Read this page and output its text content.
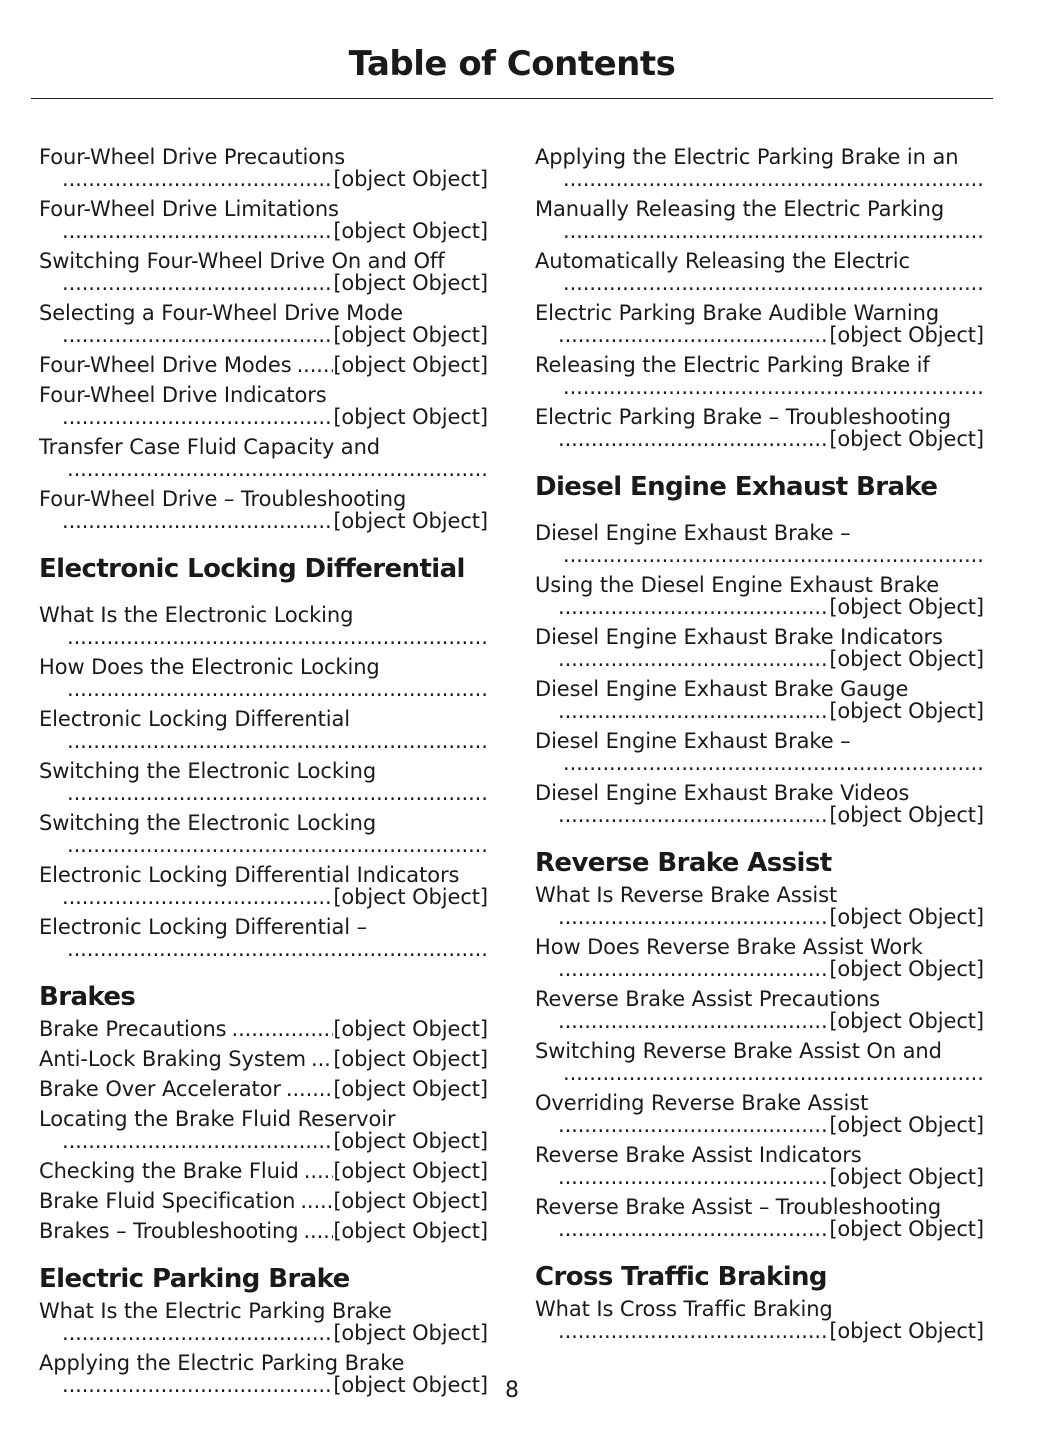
Table of Contents
Four-Wheel Drive Precautions
.....
[object Object]
Four-Wheel Drive Limitations
.....
[object Object]
Switching Four-Wheel Drive On and Off
.....
[object Object]
Selecting a Four-Wheel Drive Mode
.....
[object Object]
Four-Wheel Drive Modes ..... [object Object]
Four-Wheel Drive Indicators
.....
[object Object]
Transfer Case Fluid Capacity and
.....
Four-Wheel Drive – Troubleshooting
.....
[object Object]
Electronic Locking Differential
What Is the Electronic Locking
.....
How Does the Electronic Locking
.....
Electronic Locking Differential
.....
Switching the Electronic Locking
.....
Switching the Electronic Locking
.....
Electronic Locking Differential Indicators
.....
[object Object]
Electronic Locking Differential –
.....
Brakes
Brake Precautions .....	[object Object]
Anti-Lock Braking System ..... [object Object]
Brake Over Accelerator ..... [object Object]
Locating the Brake Fluid Reservoir
.....
[object Object]
Checking the Brake Fluid ..... [object Object]
Brake Fluid Specification ..... [object Object]
Brakes – Troubleshooting ..... [object Object]
Electric Parking Brake
What Is the Electric Parking Brake
.....
[object Object]
Applying the Electric Parking Brake
.....
[object Object]
Applying the Electric Parking Brake in an
.....
Manually Releasing the Electric Parking
.....
Automatically Releasing the Electric
.....
Electric Parking Brake Audible Warning
.....
[object Object]
Releasing the Electric Parking Brake if
.....
Electric Parking Brake – Troubleshooting
.....
[object Object]
Diesel Engine Exhaust Brake
Diesel Engine Exhaust Brake –
.....
Using the Diesel Engine Exhaust Brake
.....
[object Object]
Diesel Engine Exhaust Brake Indicators
.....
[object Object]
Diesel Engine Exhaust Brake Gauge
.....
[object Object]
Diesel Engine Exhaust Brake –
.....
Diesel Engine Exhaust Brake Videos
.....
[object Object]
Reverse Brake Assist
What Is Reverse Brake Assist
.....
[object Object]
How Does Reverse Brake Assist Work
.....
[object Object]
Reverse Brake Assist Precautions
.....
[object Object]
Switching Reverse Brake Assist On and
.....
Overriding Reverse Brake Assist
.....
[object Object]
Reverse Brake Assist Indicators
.....
[object Object]
Reverse Brake Assist – Troubleshooting
.....
[object Object]
Cross Traffic Braking
What Is Cross Traffic Braking
.....
[object Object]
8
